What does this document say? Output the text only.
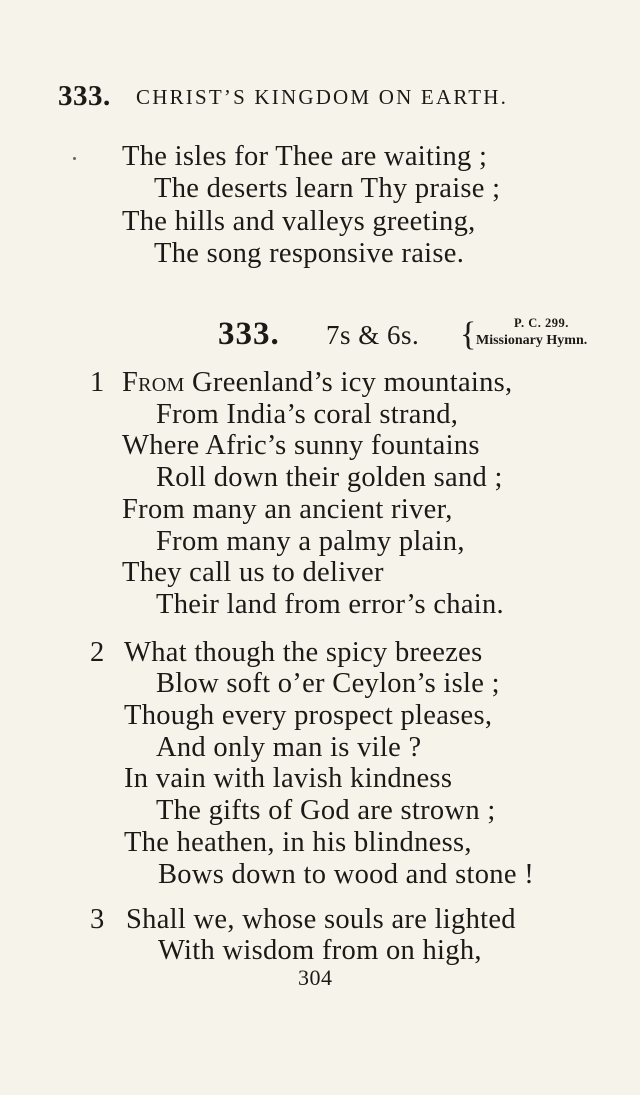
333. CHRIST’S KINGDOM ON EARTH.
The isles for Thee are waiting ;
The deserts learn Thy praise ;
The hills and valleys greeting,
The song responsive raise.
333. 7s & 6s. {	P. C. 299.
Missionary Hymn.
1 From Greenland’s icy mountains,
From India’s coral strand,
Where Afric’s sunny fountains
Roll down their golden sand ;
From many an ancient river,
From many a palmy plain,
They call us to deliver
Their land from error’s chain.
2 What though the spicy breezes
Blow soft o’er Ceylon’s isle ;
Though every prospect pleases,
And only man is vile ?
In vain with lavish kindness
The gifts of God are strown ;
The heathen, in his blindness,
Bows down to wood and stone !
3 Shall we, whose souls are lighted
With wisdom from on high,
304
